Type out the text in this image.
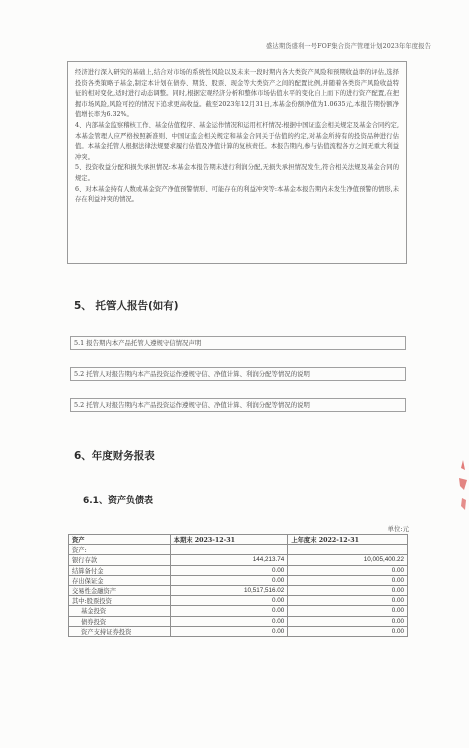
盛达期货盛利一号FOF集合资产管理计划2023年年度报告

经济进行深入研究的基础上,结合对市场的系统性风险以及未来一段时期内各大类资产风险和预期收益率的评估,选择投资各类策略子基金,制定本计划在债券、期货、股票、现金等大类资产之间的配置比例,并随着各类资产风险收益特征的相对变化,适时进行动态调整。同时,根据宏观经济分析和整体市场估值水平的变化自上而下的进行资产配置,在把握市场风险,风险可控的情况下追求更高收益。截至2023年12月31日,本基金份额净值为1.0635元,本报告期份额净值增长率为6.32%。

4、内部基金监察稽核工作、基金估值程序、基金运作情况和运用杠杆情况:根据中国证监会相关规定及基金合同约定,本基金管理人应严格按照新准则、中国证监会相关规定和基金合同关于估值的约定,对基金所持有的投资品种进行估值。本基金托管人根据法律法规要求履行估值及净值计算的复核责任。本报告期内,参与估值流程各方之间无重大利益冲突。

5、投资收益分配和损失承担情况:本基金本报告期未进行利润分配,无损失承担情况发生,符合相关法规及基金合同的规定。

6、对本基金持有人数或基金资产净值预警情形、可能存在的利益冲突等:本基金本报告期内未发生净值预警的情形,未存在利益冲突的情况。

5、 托管人报告(如有)
5.1 报告期内本产品托管人遵规守信情况声明
5.2 托管人对报告期内本产品投资运作遵规守信、净值计算、利润分配等情况的说明
5.2 托管人对报告期内本产品投资运作遵规守信、净值计算、利润分配等情况的说明
6、年度财务报表
6.1、资产负债表
单位:元
资产	本期末 2023-12-31	上年度末 2022-12-31
资产:		
银行存款	144,213.74	10,005,400.22
结算备付金	0.00	0.00
存出保证金	0.00	0.00
交易性金融资产	10,517,516.02	0.00
其中:股票投资	0.00	0.00
基金投资	0.00	0.00
债券投资	0.00	0.00
资产支持证券投资	0.00	0.00
